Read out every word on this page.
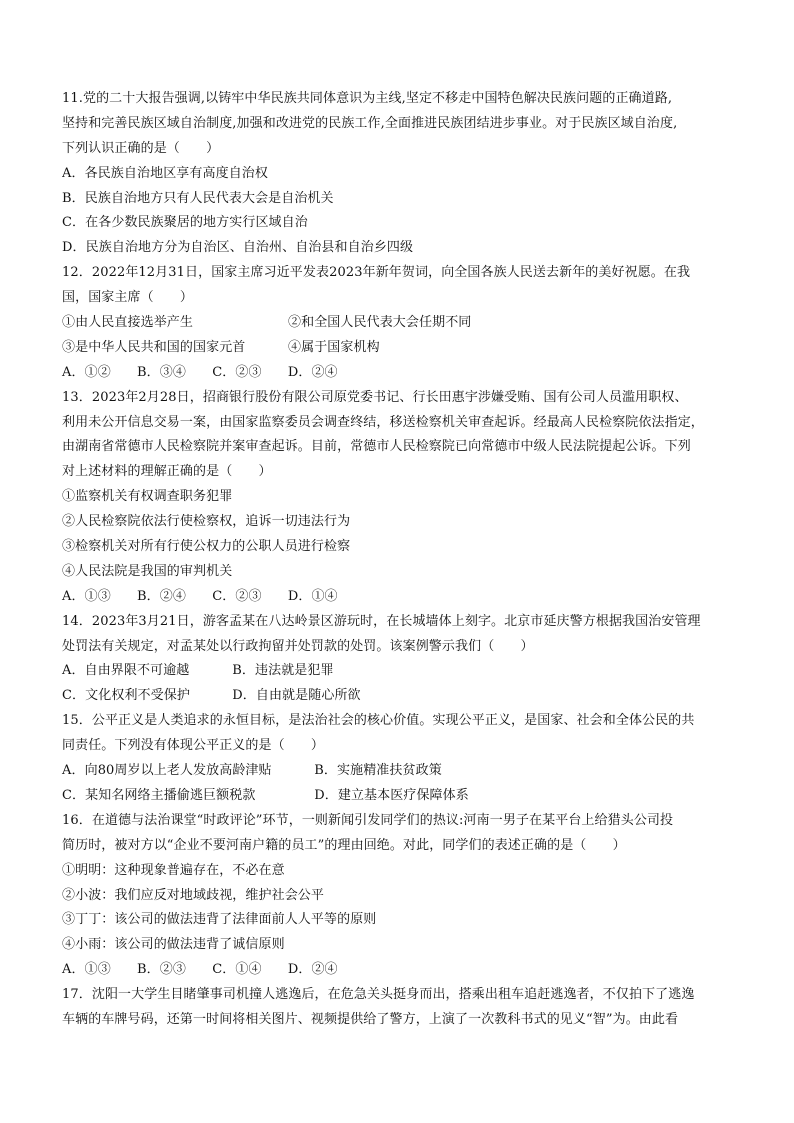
11.党的二十大报告强调,以铸牢中华民族共同体意识为主线,坚定不移走中国特色解决民族问题的正确道路,
坚持和完善民族区域自治制度,加强和改进党的民族工作,全面推进民族团结进步事业。对于民族区域自治度,
下列认识正确的是（　　）
A．各民族自治地区享有高度自治权
B．民族自治地方只有人民代表大会是自治机关
C．在各少数民族聚居的地方实行区域自治
D．民族自治地方分为自治区、自治州、自治县和自治乡四级
12．2022年12月31日，国家主席习近平发表2023年新年贺词，向全国各族人民送去新年的美好祝愿。在我
国，国家主席（　　）
①由人民直接选举产生	②和全国人民代表大会任期不同
③是中华人民共和国的国家元首	④属于国家机构
A．①② B．③④ C．②③ D．②④
13．2023年2月28日，招商银行股份有限公司原党委书记、行长田惠宇涉嫌受贿、国有公司人员滥用职权、
利用未公开信息交易一案，由国家监察委员会调查终结，移送检察机关审查起诉。经最高人民检察院依法指定，
由湖南省常德市人民检察院并案审查起诉。目前，常德市人民检察院已向常德市中级人民法院提起公诉。下列
对上述材料的理解正确的是（　　）
①监察机关有权调查职务犯罪
②人民检察院依法行使检察权，追诉一切违法行为
③检察机关对所有行使公权力的公职人员进行检察
④人民法院是我国的审判机关
A．①③ B．②④ C．②③ D．①④
14．2023年3月21日，游客孟某在八达岭景区游玩时，在长城墙体上刻字。北京市延庆警方根据我国治安管理
处罚法有关规定，对孟某处以行政拘留并处罚款的处罚。该案例警示我们（　　）
A．自由界限不可逾越	B．违法就是犯罪
C．文化权利不受保护	D．自由就是随心所欲
15．公平正义是人类追求的永恒目标，是法治社会的核心价值。实现公平正义，是国家、社会和全体公民的共
同责任。下列没有体现公平正义的是（　　）
A．向80周岁以上老人发放高龄津贴	B．实施精准扶贫政策
C．某知名网络主播偷逃巨额税款	D．建立基本医疗保障体系
16．在道德与法治课堂“时政评论”环节，一则新闻引发同学们的热议:河南一男子在某平台上给猎头公司投
简历时，被对方以“企业不要河南户籍的员工”的理由回绝。对此，同学们的表述正确的是（　　）
①明明：这种现象普遍存在，不必在意
②小波：我们应反对地域歧视，维护社会公平
③丁丁：该公司的做法违背了法律面前人人平等的原则
④小雨：该公司的做法违背了诚信原则
A．①③ B．②③ C．①④ D．②④
17．沈阳一大学生目睹肇事司机撞人逃逸后，在危急关头挺身而出，搭乘出租车追赶逃逸者，不仅拍下了逃逸
车辆的车牌号码，还第一时间将相关图片、视频提供给了警方，上演了一次教科书式的见义“智”为。由此看
